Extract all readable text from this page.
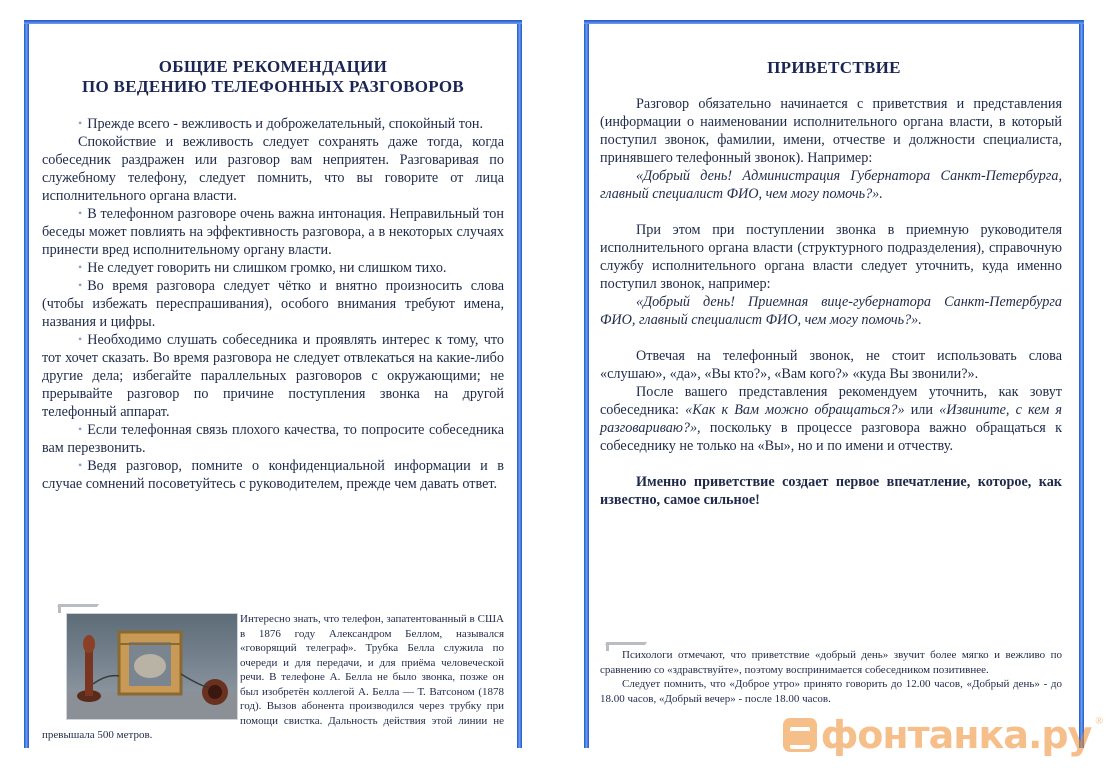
ОБЩИЕ РЕКОМЕНДАЦИИ
ПО ВЕДЕНИЮ ТЕЛЕФОННЫХ РАЗГОВОРОВ

• Прежде всего - вежливость и доброжелательный, спокойный тон.

Спокойствие и вежливость следует сохранять даже тогда, когда собеседник раздражен или разговор вам неприятен. Разговаривая по служебному телефону, следует помнить, что вы говорите от лица исполнительного органа власти.

• В телефонном разговоре очень важна интонация. Неправильный тон беседы может повлиять на эффективность разговора, а в некоторых случаях принести вред исполнительному органу власти.

• Не следует говорить ни слишком громко, ни слишком тихо.

• Во время разговора следует чётко и внятно произносить слова (чтобы избежать переспрашивания), особого внимания требуют имена, названия и цифры.

• Необходимо слушать собеседника и проявлять интерес к тому, что тот хочет сказать. Во время разговора не следует отвлекаться на какие-либо другие дела; избегайте параллельных разговоров с окружающими; не прерывайте разговор по причине поступления звонка на другой телефонный аппарат.

• Если телефонная связь плохого качества, то попросите собеседника вам перезвонить.

• Ведя разговор, помните о конфиденциальной информации и в случае сомнений посоветуйтесь с руководителем, прежде чем давать ответ.

Интересно знать, что телефон, запатентованный в США в 1876 году Александром Беллом, назывался «говорящий телеграф». Трубка Белла служила по очереди и для передачи, и для приёма человеческой речи. В телефоне А. Белла не было звонка, позже он был изобретён коллегой А. Белла — Т. Ватсоном (1878 год). Вызов абонента производился через трубку при помощи свистка. Дальность действия этой линии не превышала 500 метров.
ПРИВЕТСТВИЕ

Разговор обязательно начинается с приветствия и представления (информации о наименовании исполнительного органа власти, в который поступил звонок, фамилии, имени, отчестве и должности специалиста, принявшего телефонный звонок). Например:

«Добрый день! Администрация Губернатора Санкт-Петербурга, главный специалист ФИО, чем могу помочь?».

При этом при поступлении звонка в приемную руководителя исполнительного органа власти (структурного подразделения), справочную службу исполнительного органа власти следует уточнить, куда именно поступил звонок, например:

«Добрый день! Приемная вице-губернатора Санкт-Петербурга ФИО, главный специалист ФИО, чем могу помочь?».

Отвечая на телефонный звонок, не стоит использовать слова «слушаю», «да», «Вы кто?», «Вам кого?» «куда Вы звонили?».

После вашего представления рекомендуем уточнить, как зовут собеседника: «Как к Вам можно обращаться?» или «Извините, с кем я разговариваю?», поскольку в процессе разговора важно обращаться к собеседнику не только на «Вы», но и по имени и отчеству.

Именно приветствие создает первое впечатление, которое, как известно, самое сильное!

Психологи отмечают, что приветствие «добрый день» звучит более мягко и вежливо по сравнению со «здравствуйте», поэтому воспринимается собеседником позитивнее.

Следует помнить, что «Доброе утро» принято говорить до 12.00 часов, «Добрый день» - до 18.00 часов, «Добрый вечер» - после 18.00 часов.

фонтанка.ру ®
